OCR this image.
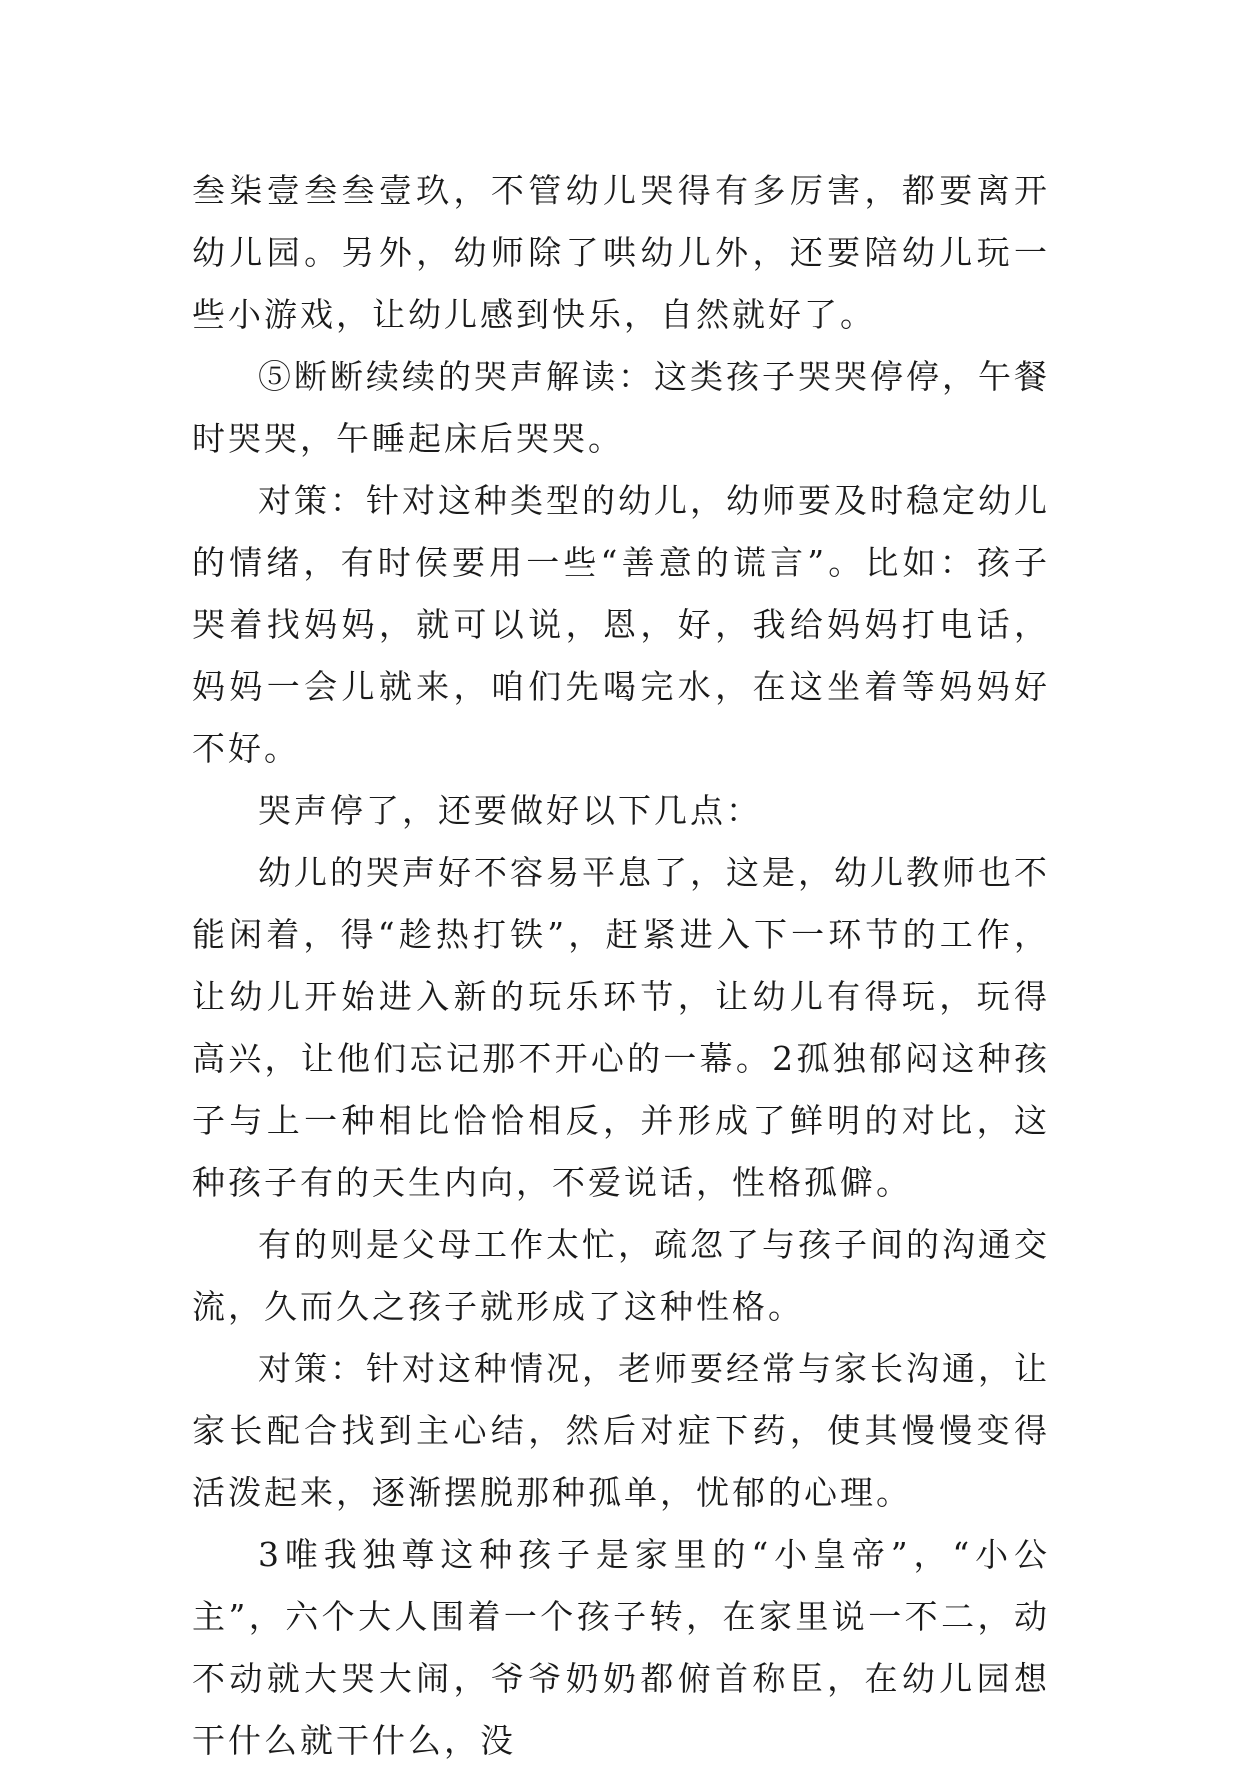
叁柒壹叁叁壹玖，不管幼儿哭得有多厉害，都要离开幼儿园。另外，幼师除了哄幼儿外，还要陪幼儿玩一些小游戏，让幼儿感到快乐，自然就好了。

⑤断断续续的哭声解读：这类孩子哭哭停停，午餐时哭哭，午睡起床后哭哭。

对策：针对这种类型的幼儿，幼师要及时稳定幼儿的情绪，有时侯要用一些“善意的谎言”。比如：孩子哭着找妈妈，就可以说，恩，好，我给妈妈打电话，妈妈一会儿就来，咱们先喝完水，在这坐着等妈妈好不好。

哭声停了，还要做好以下几点：

幼儿的哭声好不容易平息了，这是，幼儿教师也不能闲着，得“趁热打铁”，赶紧进入下一环节的工作，让幼儿开始进入新的玩乐环节，让幼儿有得玩，玩得高兴，让他们忘记那不开心的一幕。2孤独郁闷这种孩子与上一种相比恰恰相反，并形成了鲜明的对比，这种孩子有的天生内向，不爱说话，性格孤僻。

有的则是父母工作太忙，疏忽了与孩子间的沟通交流，久而久之孩子就形成了这种性格。

对策：针对这种情况，老师要经常与家长沟通，让家长配合找到主心结，然后对症下药，使其慢慢变得活泼起来，逐渐摆脱那种孤单，忧郁的心理。

3唯我独尊这种孩子是家里的“小皇帝”，“小公主”，六个大人围着一个孩子转，在家里说一不二，动不动就大哭大闹，爷爷奶奶都俯首称臣，在幼儿园想干什么就干什么，没
